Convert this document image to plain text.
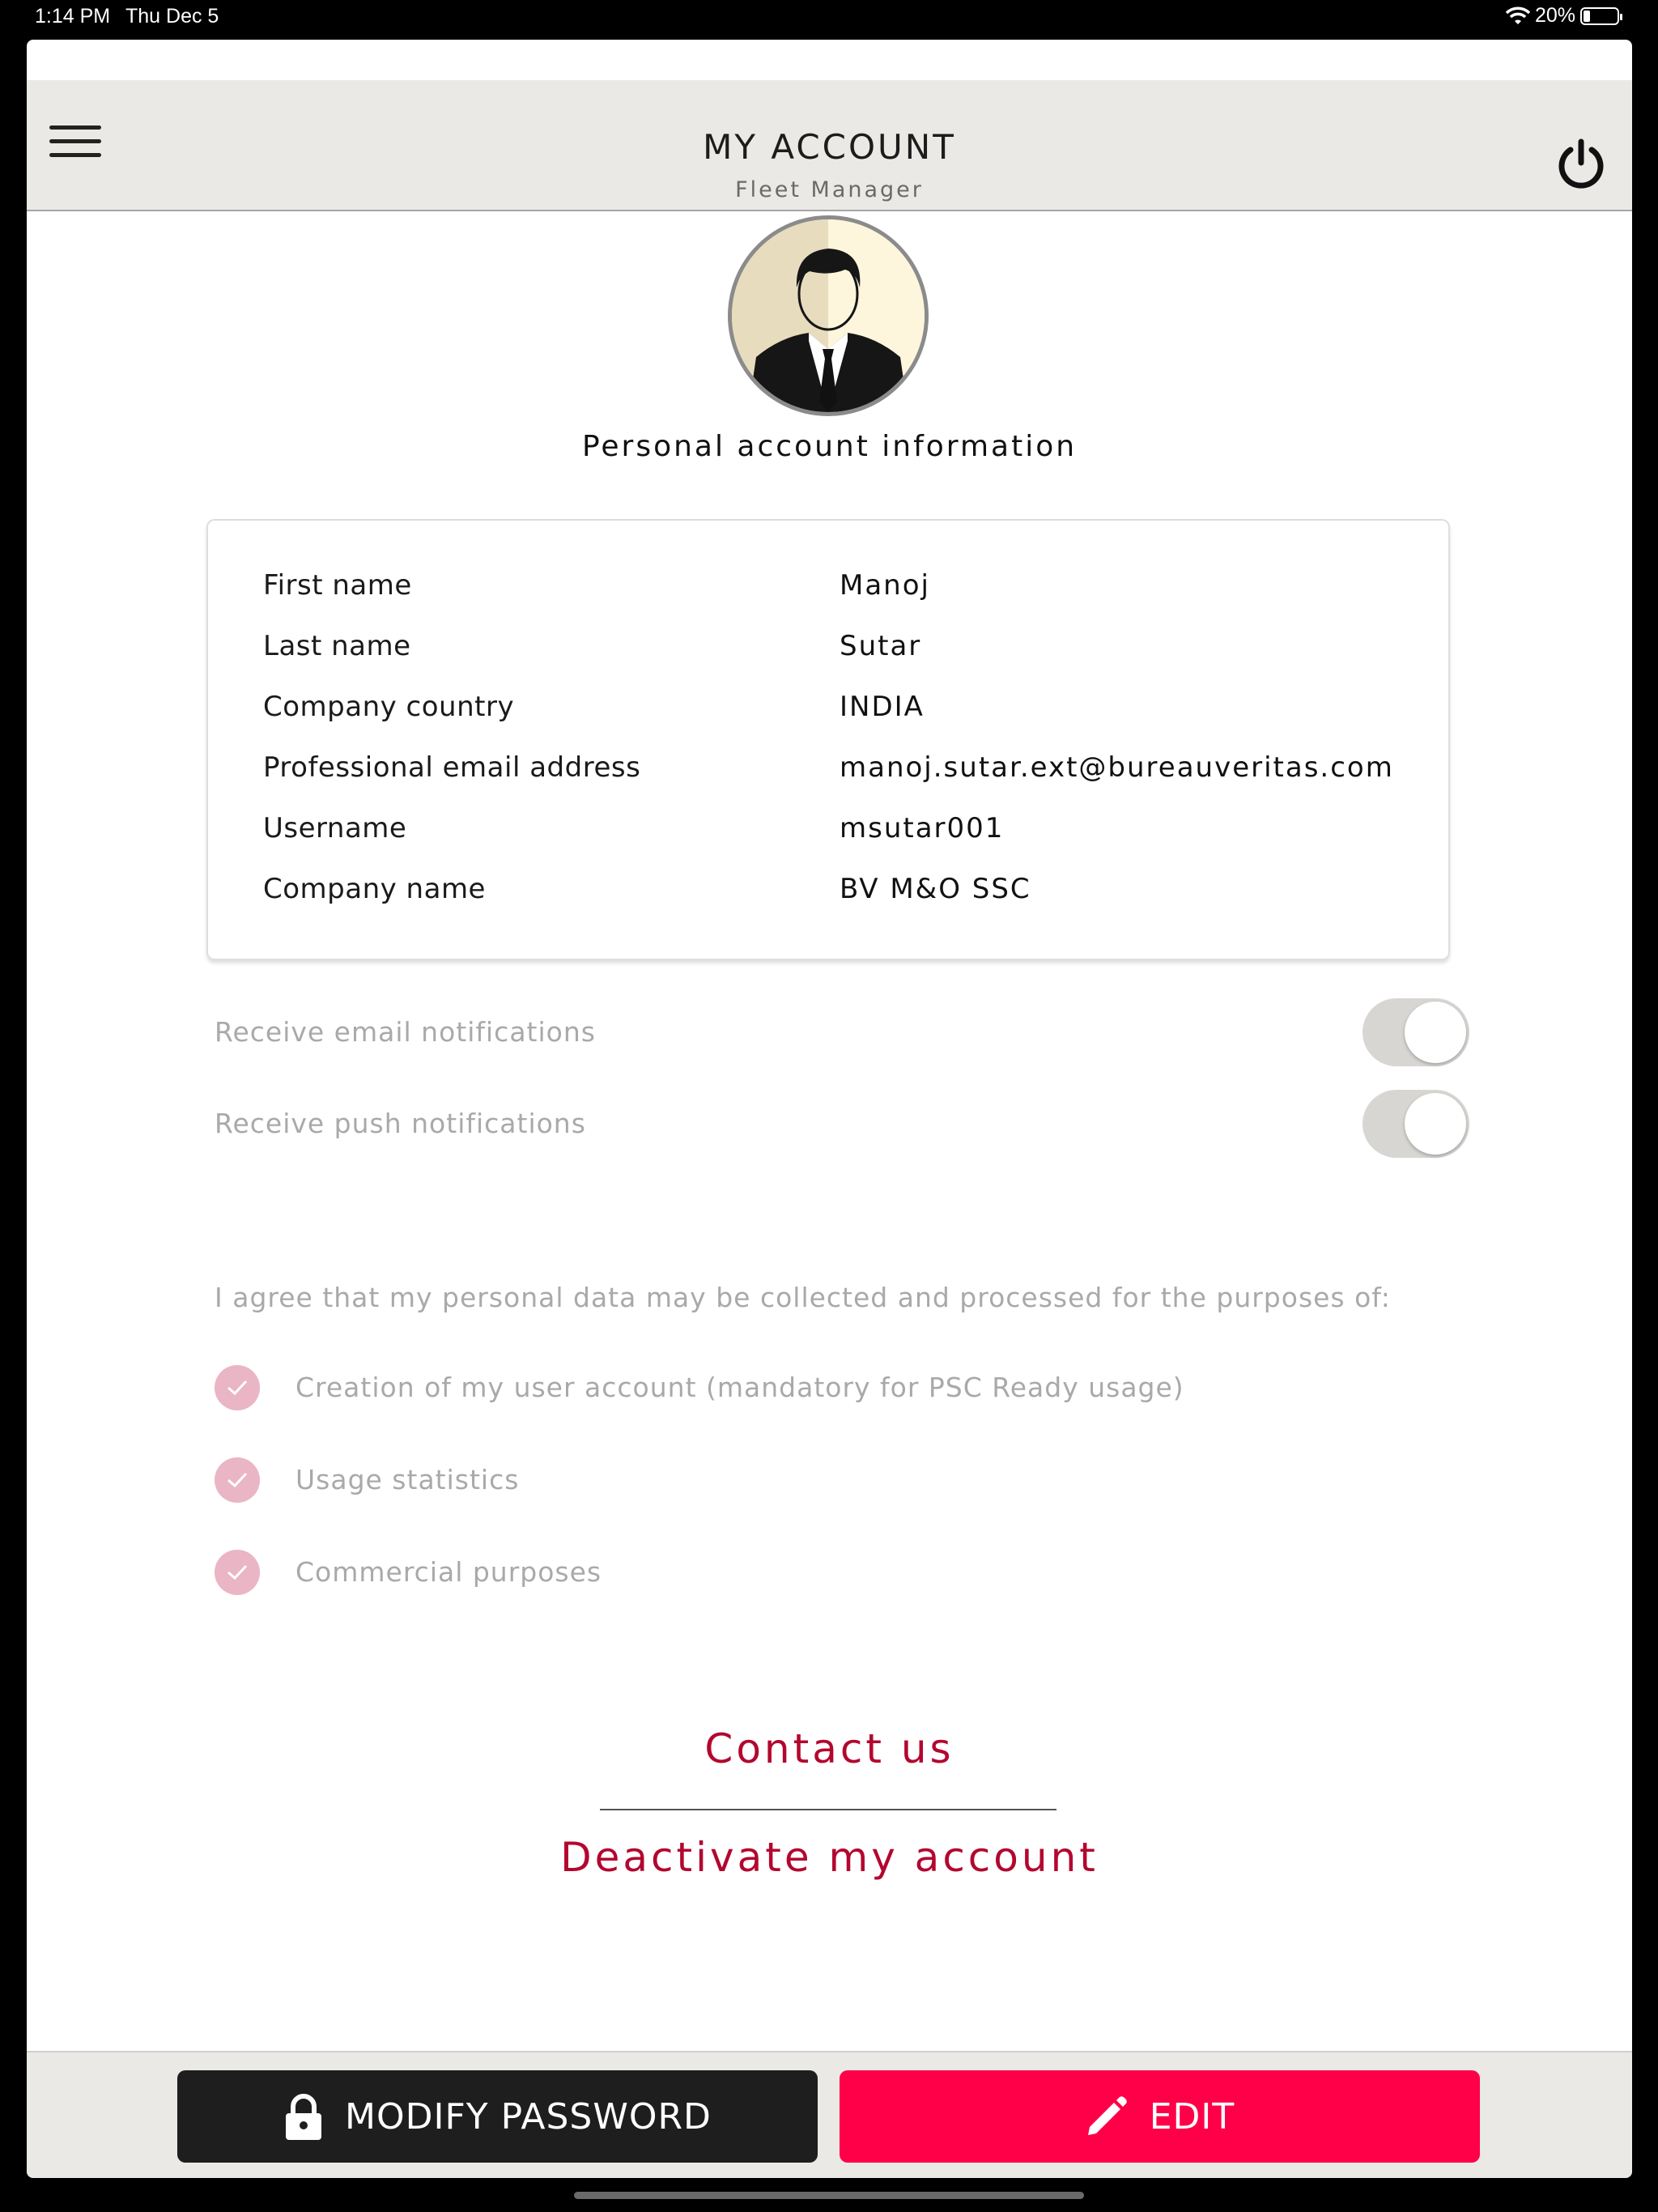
1:14 PM Thu Dec 5	20%
MY ACCOUNT
Fleet Manager
Personal account information
First name	Manoj
Last name	Sutar
Company country	INDIA
Professional email address	manoj.sutar.ext@bureauveritas.com
Username	msutar001
Company name	BV M&O SSC
Receive email notifications
Receive push notifications
I agree that my personal data may be collected and processed for the purposes of:
Creation of my user account (mandatory for PSC Ready usage)
Usage statistics
Commercial purposes
Contact us
Deactivate my account
MODIFY PASSWORD	EDIT
